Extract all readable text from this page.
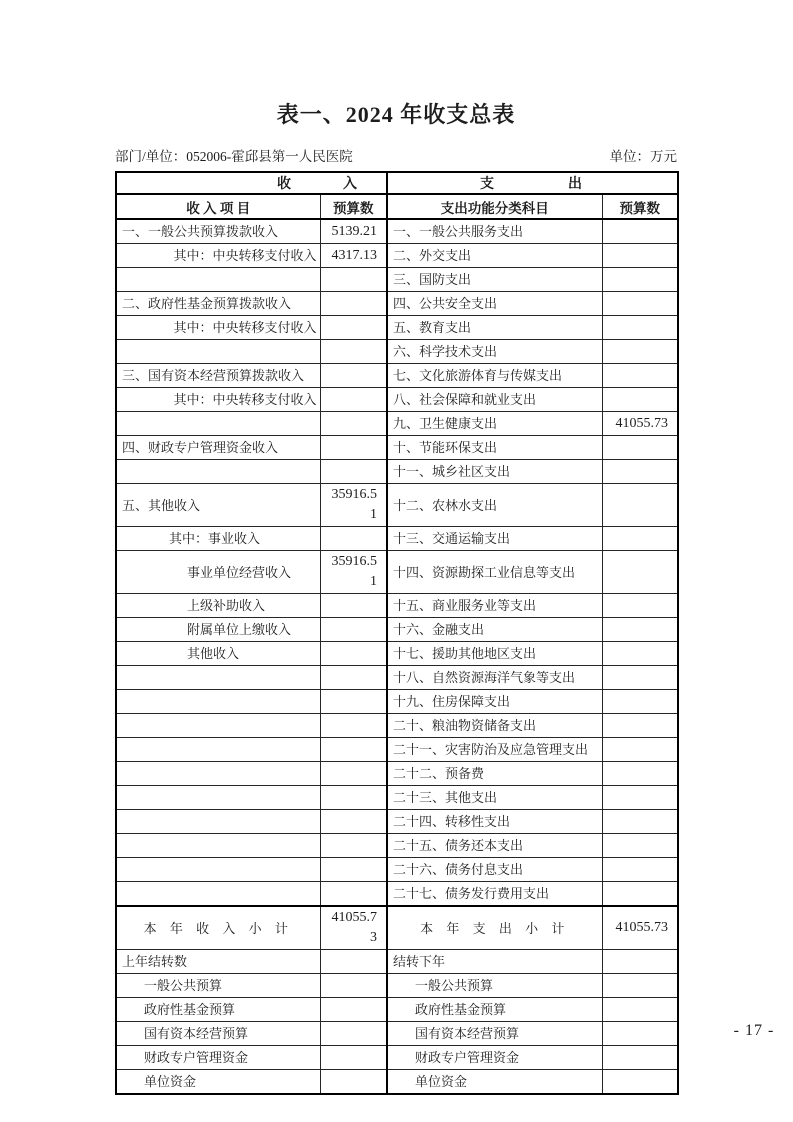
表一、2024 年收支总表
部门/单位：052006-霍邱县第一人民医院	单位：万元
收 入		支 出	

收 入 项 目	预算数	支出功能分类科目	预算数
一、一般公共预算拨款收入	5139.21	一、一般公共服务支出	
其中：中央转移支付收入	4317.13	二、外交支出	
		三、国防支出	
二、政府性基金预算拨款收入		四、公共安全支出	
其中：中央转移支付收入		五、教育支出	
		六、科学技术支出	
三、国有资本经营预算拨款收入		七、文化旅游体育与传媒支出	
其中：中央转移支付收入		八、社会保障和就业支出	
		九、卫生健康支出	41055.73
四、财政专户管理资金收入		十、节能环保支出	
		十一、城乡社区支出	
五、其他收入	35916.51	十二、农林水支出	
其中：事业收入		十三、交通运输支出	
事业单位经营收入	35916.51	十四、资源勘探工业信息等支出	
上级补助收入		十五、商业服务业等支出	
附属单位上缴收入		十六、金融支出	
其他收入		十七、援助其他地区支出	
		十八、自然资源海洋气象等支出	
		十九、住房保障支出	
		二十、粮油物资储备支出	
		二十一、灾害防治及应急管理支出	
		二十二、预备费	
		二十三、其他支出	
		二十四、转移性支出	
		二十五、债务还本支出	
		二十六、债务付息支出	
		二十七、债务发行费用支出	
本 年 收 入 小 计	41055.73	本 年 支 出 小 计	41055.73
上年结转数		结转下年	
一般公共预算		一般公共预算	
政府性基金预算		政府性基金预算	
国有资本经营预算		国有资本经营预算	
财政专户管理资金		财政专户管理资金	
单位资金		单位资金	
- 17 -
